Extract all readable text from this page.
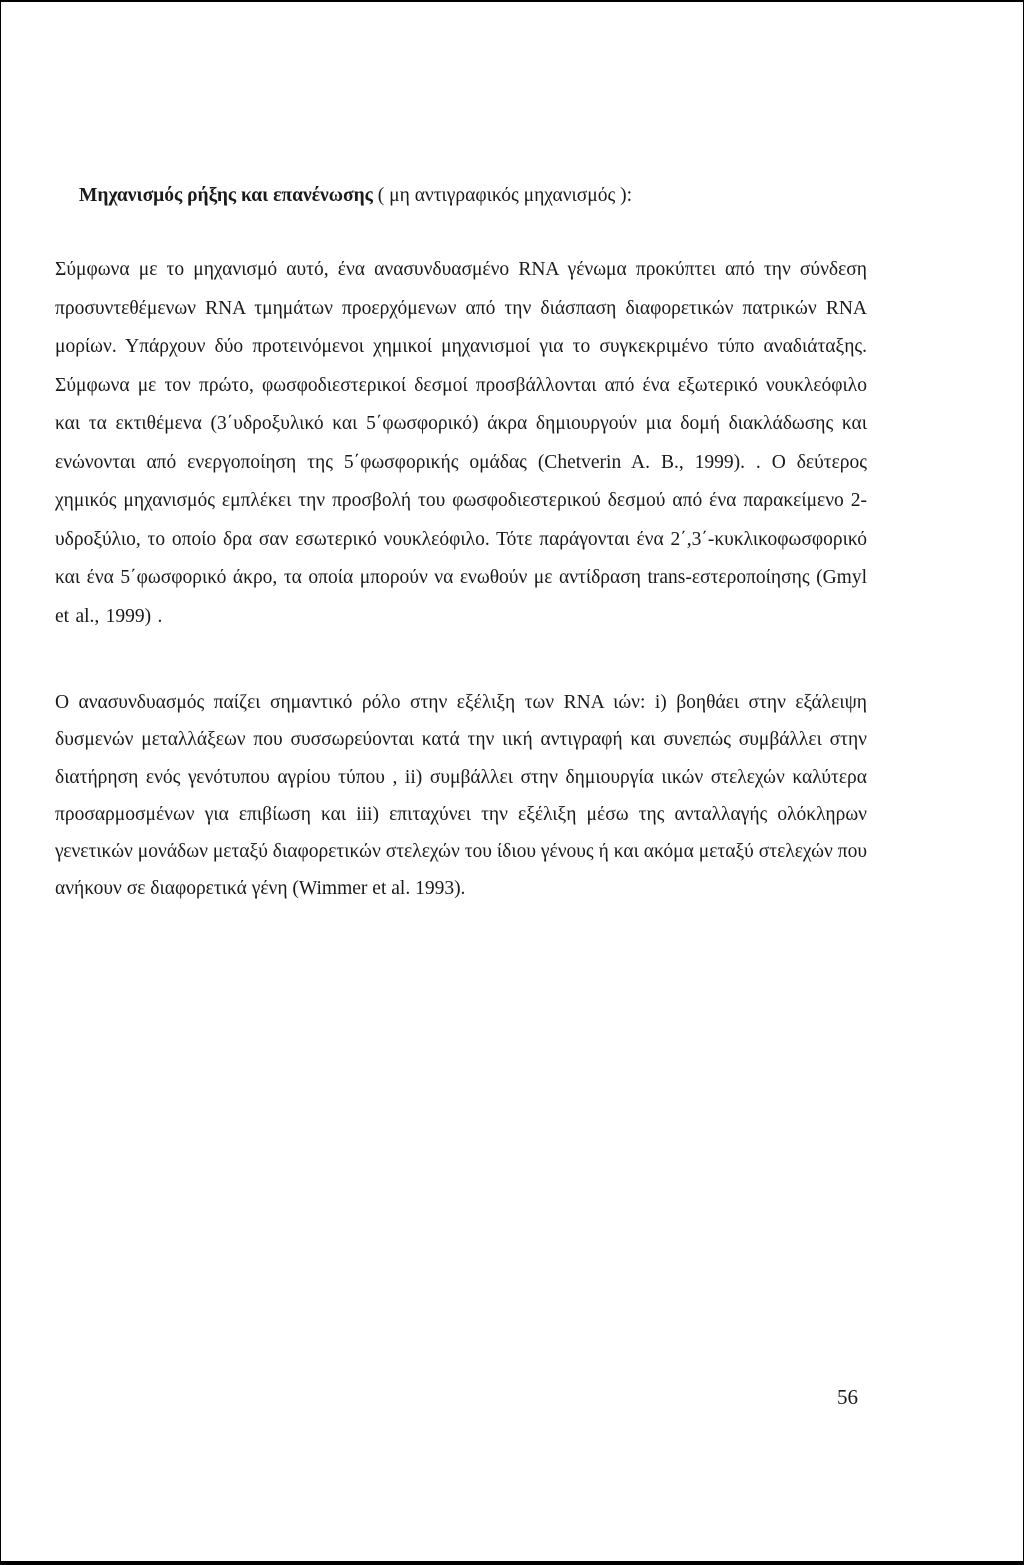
Μηχανισμός ρήξης και επανένωσης ( μη αντιγραφικός μηχανισμός ):

Σύμφωνα με το μηχανισμό αυτό, ένα ανασυνδυασμένο RNA γένωμα προκύπτει από την σύνδεση προσυντεθέμενων RNA τμημάτων προερχόμενων από την διάσπαση διαφορετικών πατρικών RNA μορίων. Υπάρχουν δύο προτεινόμενοι χημικοί μηχανισμοί για το συγκεκριμένο τύπο αναδιάταξης. Σύμφωνα με τον πρώτο, φωσφοδιεστερικοί δεσμοί προσβάλλονται από ένα εξωτερικό νουκλεόφιλο και τα εκτιθέμενα (3΄υδροξυλικό και 5΄φωσφορικό) άκρα δημιουργούν μια δομή διακλάδωσης και ενώνονται από ενεργοποίηση της 5΄φωσφορικής ομάδας (Chetverin A. B., 1999). . Ο δεύτερος χημικός μηχανισμός εμπλέκει την προσβολή του φωσφοδιεστερικού δεσμού από ένα παρακείμενο 2-υδροξύλιο, το οποίο δρα σαν εσωτερικό νουκλεόφιλο. Τότε παράγονται ένα 2΄,3΄-κυκλικοφωσφορικό και ένα 5΄φωσφορικό άκρο, τα οποία μπορούν να ενωθούν με αντίδραση trans-εστεροποίησης (Gmyl et al., 1999) .

Ο ανασυνδυασμός παίζει σημαντικό ρόλο στην εξέλιξη των RNA ιών: i) βοηθάει στην εξάλειψη δυσμενών μεταλλάξεων που συσσωρεύονται κατά την ιική αντιγραφή και συνεπώς συμβάλλει στην διατήρηση ενός γενότυπου αγρίου τύπου , ii) συμβάλλει στην δημιουργία ιικών στελεχών καλύτερα προσαρμοσμένων για επιβίωση και iii) επιταχύνει την εξέλιξη μέσω της ανταλλαγής ολόκληρων γενετικών μονάδων μεταξύ διαφορετικών στελεχών του ίδιου γένους ή και ακόμα μεταξύ στελεχών που ανήκουν σε διαφορετικά γένη (Wimmer et al. 1993).

56
